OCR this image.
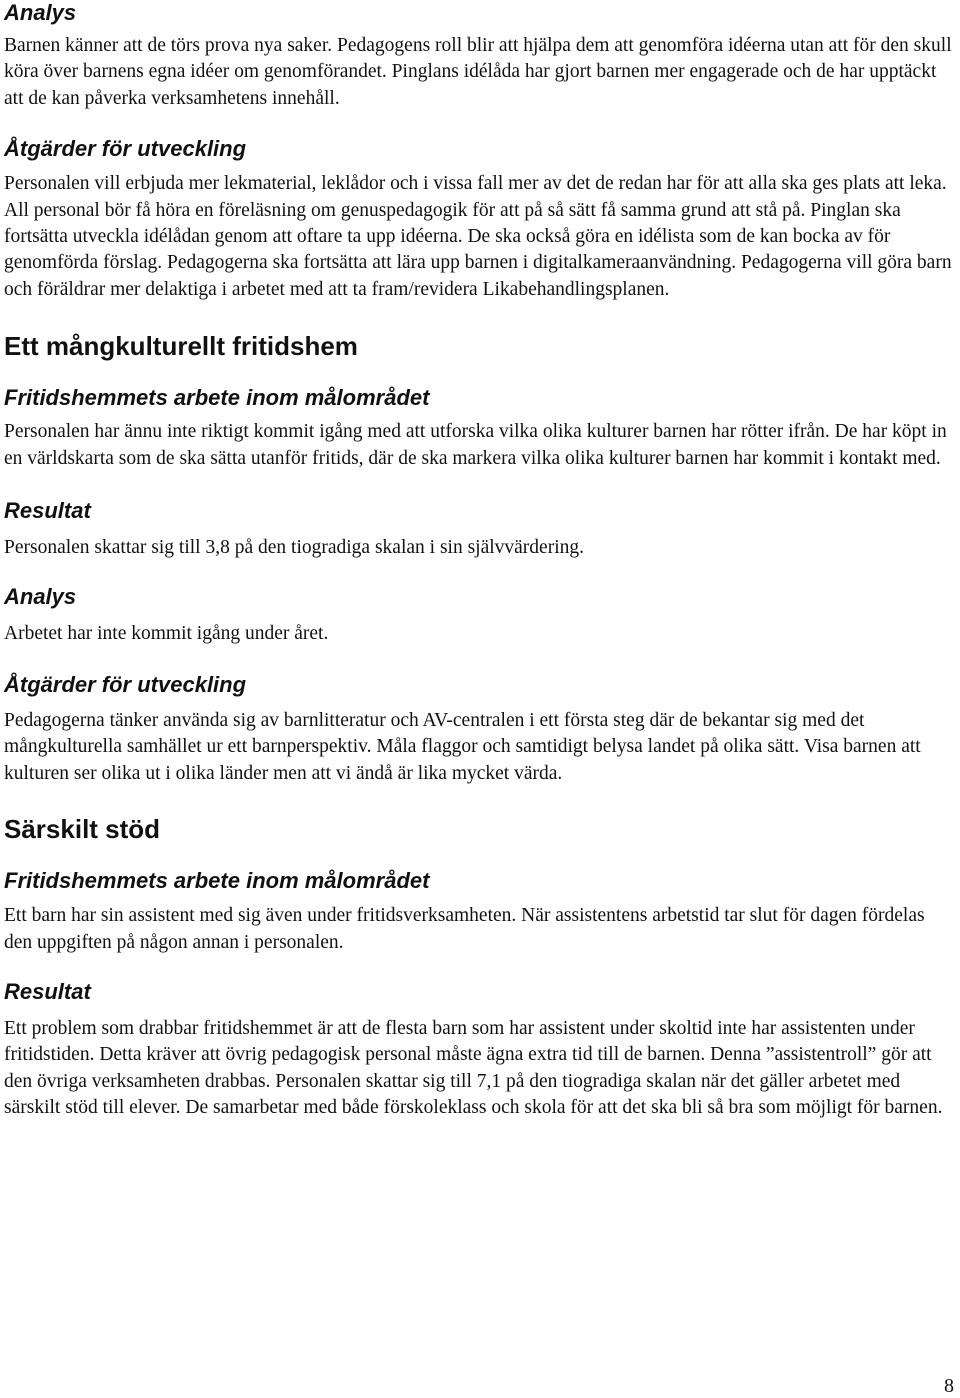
Analys

Barnen känner att de törs prova nya saker. Pedagogens roll blir att hjälpa dem att genomföra idéerna utan att för den skull köra över barnens egna idéer om genomförandet. Pinglans idélåda har gjort barnen mer engagerade och de har upptäckt att de kan påverka verksamhetens innehåll.

Åtgärder för utveckling

Personalen vill erbjuda mer lekmaterial, leklådor och i vissa fall mer av det de redan har för att alla ska ges plats att leka. All personal bör få höra en föreläsning om genuspedagogik för att på så sätt få samma grund att stå på. Pinglan ska fortsätta utveckla idélådan genom att oftare ta upp idéerna. De ska också göra en idélista som de kan bocka av för genomförda förslag. Pedagogerna ska fortsätta att lära upp barnen i digitalkameraanvändning. Pedagogerna vill göra barn och föräldrar mer delaktiga i arbetet med att ta fram/revidera Likabehandlingsplanen.

Ett mångkulturellt fritidshem
Fritidshemmets arbete inom målområdet

Personalen har ännu inte riktigt kommit igång med att utforska vilka olika kulturer barnen har rötter ifrån. De har köpt in en världskarta som de ska sätta utanför fritids, där de ska markera vilka olika kulturer barnen har kommit i kontakt med.

Resultat

Personalen skattar sig till 3,8 på den tiogradiga skalan i sin självvärdering.

Analys

Arbetet har inte kommit igång under året.

Åtgärder för utveckling

Pedagogerna tänker använda sig av barnlitteratur och AV-centralen i ett första steg där de bekantar sig med det mångkulturella samhället ur ett barnperspektiv. Måla flaggor och samtidigt belysa landet på olika sätt. Visa barnen att kulturen ser olika ut i olika länder men att vi ändå är lika mycket värda.

Särskilt stöd
Fritidshemmets arbete inom målområdet

Ett barn har sin assistent med sig även under fritidsverksamheten. När assistentens arbetstid tar slut för dagen fördelas den uppgiften på någon annan i personalen.

Resultat

Ett problem som drabbar fritidshemmet är att de flesta barn som har assistent under skoltid inte har assistenten under fritidstiden. Detta kräver att övrig pedagogisk personal måste ägna extra tid till de barnen. Denna ”assistentroll” gör att den övriga verksamheten drabbas. Personalen skattar sig till 7,1 på den tiogradiga skalan när det gäller arbetet med särskilt stöd till elever. De samarbetar med både förskoleklass och skola för att det ska bli så bra som möjligt för barnen.

8
